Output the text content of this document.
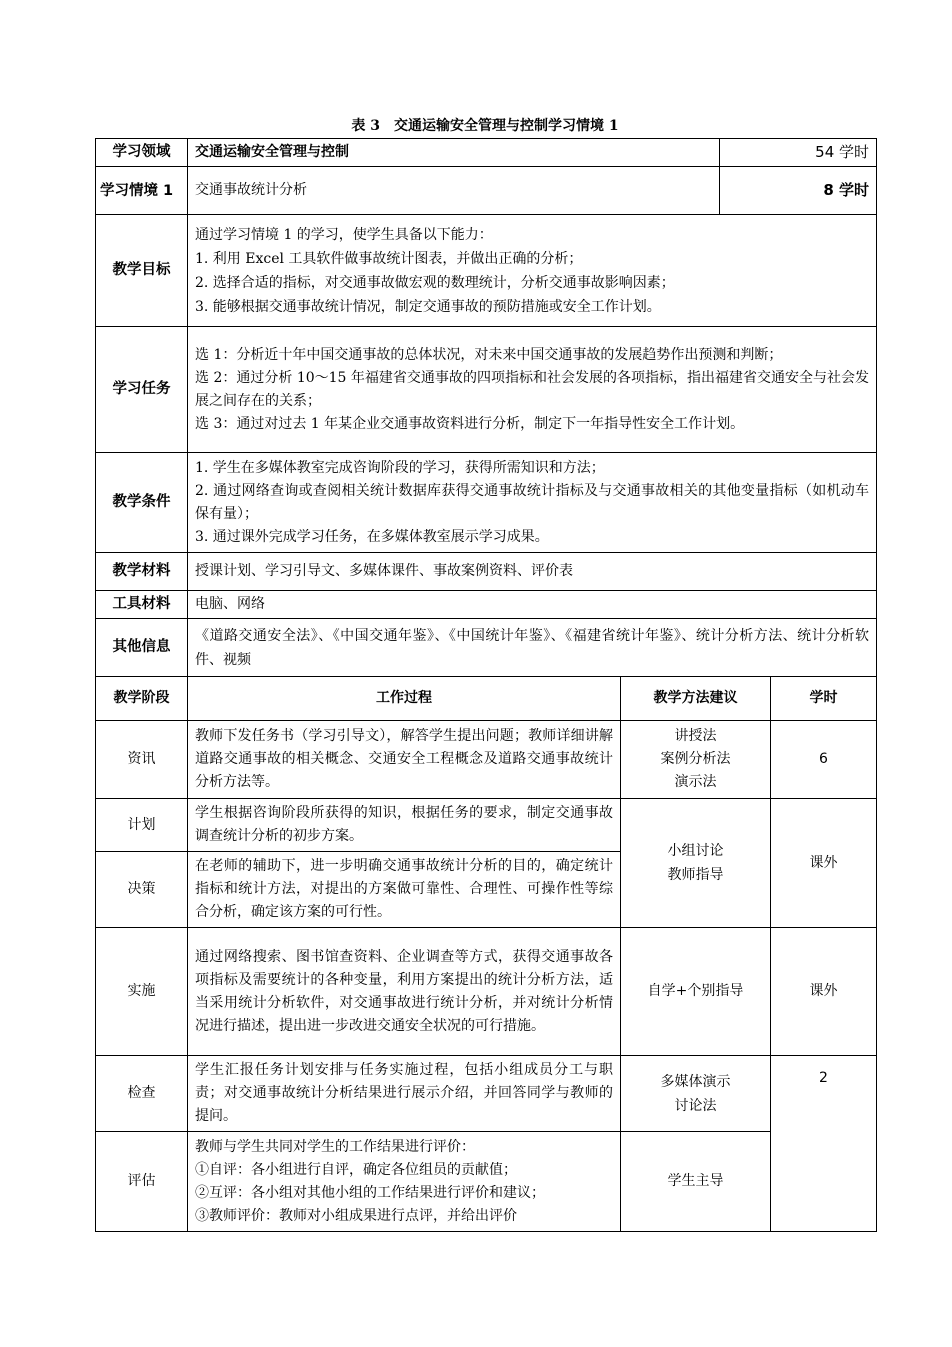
表 3　交通运输安全管理与控制学习情境 1
学习领域	交通运输安全管理与控制		54 学时	
学习情境 1	交通事故统计分析		8 学时	
教学目标	通过学习情境 1 的学习，使学生具备以下能力：
1. 利用 Excel 工具软件做事故统计图表，并做出正确的分析；
2. 选择合适的指标，对交通事故做宏观的数理统计，分析交通事故影响因素；
3. 能够根据交通事故统计情况，制定交通事故的预防措施或安全工作计划。			

学习任务	选 1：分析近十年中国交通事故的总体状况，对未来中国交通事故的发展趋势作出预测和判断；
选 2：通过分析 10～15 年福建省交通事故的四项指标和社会发展的各项指标，指出福建省交通安全与社会发展之间存在的关系；
选 3：通过对过去 1 年某企业交通事故资料进行分析，制定下一年指导性安全工作计划。			

教学条件	1. 学生在多媒体教室完成咨询阶段的学习，获得所需知识和方法；
2. 通过网络查询或查阅相关统计数据库获得交通事故统计指标及与交通事故相关的其他变量指标（如机动车保有量）；
3. 通过课外完成学习任务，在多媒体教室展示学习成果。			

教学材料	授课计划、学习引导文、多媒体课件、事故案例资料、评价表			
工具材料	电脑、网络			
其他信息	《道路交通安全法》、《中国交通年鉴》、《中国统计年鉴》、《福建省统计年鉴》、统计分析方法、统计分析软件、视频			
教学阶段	工作过程	教学方法建议		学时
资讯	教师下发任务书（学习引导文），解答学生提出问题；教师详细讲解道路交通事故的相关概念、交通安全工程概念及道路交通事故统计分析方法等。	讲授法
案例分析法
演示法		6
计划	学生根据咨询阶段所获得的知识，根据任务的要求，制定交通事故调查统计分析的初步方案。	小组讨论
教师指导		课外
决策	在老师的辅助下，进一步明确交通事故统计分析的目的，确定统计指标和统计方法，对提出的方案做可靠性、合理性、可操作性等综合分析，确定该方案的可行性。			
实施	通过网络搜索、图书馆查资料、企业调查等方式，获得交通事故各项指标及需要统计的各种变量，利用方案提出的统计分析方法，适当采用统计分析软件，对交通事故进行统计分析，并对统计分析情况进行描述，提出进一步改进交通安全状况的可行措施。	自学+个别指导		课外
检查	学生汇报任务计划安排与任务实施过程，包括小组成员分工与职责；对交通事故统计分析结果进行展示介绍，并回答同学与教师的提问。	多媒体演示
讨论法		2
评估	教师与学生共同对学生的工作结果进行评价：
①自评：各小组进行自评，确定各位组员的贡献值；
②互评：各小组对其他小组的工作结果进行评价和建议；
③教师评价：教师对小组成果进行点评，并给出评价	学生主导		
